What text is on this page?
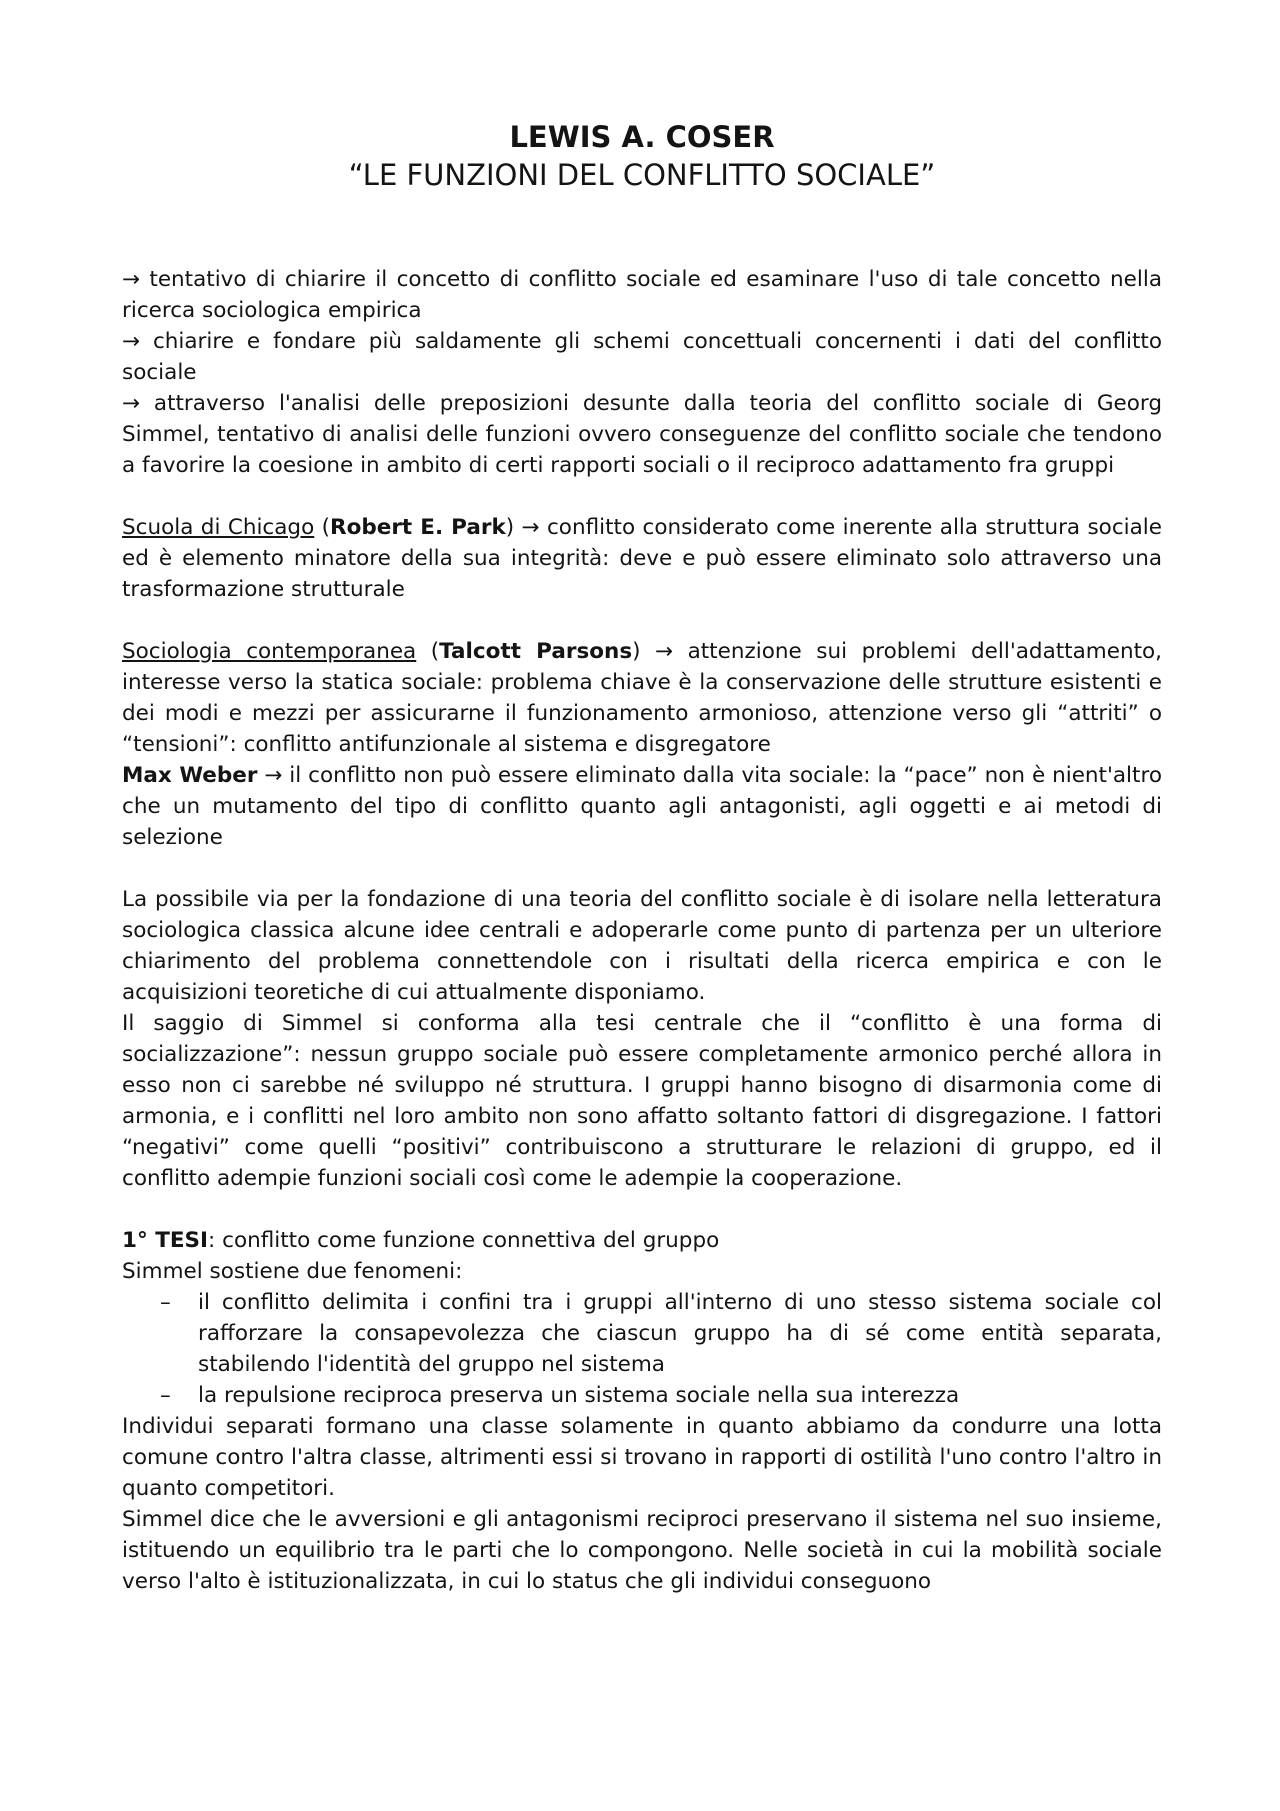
LEWIS A. COSER
“LE FUNZIONI DEL CONFLITTO SOCIALE”

→ tentativo di chiarire il concetto di conflitto sociale ed esaminare l'uso di tale concetto nella ricerca sociologica empirica

→ chiarire e fondare più saldamente gli schemi concettuali concernenti i dati del conflitto sociale

→ attraverso l'analisi delle preposizioni desunte dalla teoria del conflitto sociale di Georg Simmel, tentativo di analisi delle funzioni ovvero conseguenze del conflitto sociale che tendono a favorire la coesione in ambito di certi rapporti sociali o il reciproco adattamento fra gruppi

Scuola di Chicago (Robert E. Park) → conflitto considerato come inerente alla struttura sociale ed è elemento minatore della sua integrità: deve e può essere eliminato solo attraverso una trasformazione strutturale

Sociologia contemporanea (Talcott Parsons) → attenzione sui problemi dell'adattamento, interesse verso la statica sociale: problema chiave è la conservazione delle strutture esistenti e dei modi e mezzi per assicurarne il funzionamento armonioso, attenzione verso gli “attriti” o “tensioni”: conflitto antifunzionale al sistema e disgregatore

Max Weber → il conflitto non può essere eliminato dalla vita sociale: la “pace” non è nient'altro che un mutamento del tipo di conflitto quanto agli antagonisti, agli oggetti e ai metodi di selezione

La possibile via per la fondazione di una teoria del conflitto sociale è di isolare nella letteratura sociologica classica alcune idee centrali e adoperarle come punto di partenza per un ulteriore chiarimento del problema connettendole con i risultati della ricerca empirica e con le acquisizioni teoretiche di cui attualmente disponiamo.

Il saggio di Simmel si conforma alla tesi centrale che il “conflitto è una forma di socializzazione”: nessun gruppo sociale può essere completamente armonico perché allora in esso non ci sarebbe né sviluppo né struttura. I gruppi hanno bisogno di disarmonia come di armonia, e i conflitti nel loro ambito non sono affatto soltanto fattori di disgregazione. I fattori “negativi” come quelli “positivi” contribuiscono a strutturare le relazioni di gruppo, ed il conflitto adempie funzioni sociali così come le adempie la cooperazione.

1° TESI: conflitto come funzione connettiva del gruppo

Simmel sostiene due fenomeni:

– il conflitto delimita i confini tra i gruppi all'interno di uno stesso sistema sociale col rafforzare la consapevolezza che ciascun gruppo ha di sé come entità separata, stabilendo l'identità del gruppo nel sistema
– la repulsione reciproca preserva un sistema sociale nella sua interezza

Individui separati formano una classe solamente in quanto abbiamo da condurre una lotta comune contro l'altra classe, altrimenti essi si trovano in rapporti di ostilità l'uno contro l'altro in quanto competitori.

Simmel dice che le avversioni e gli antagonismi reciproci preservano il sistema nel suo insieme, istituendo un equilibrio tra le parti che lo compongono. Nelle società in cui la mobilità sociale verso l'alto è istituzionalizzata, in cui lo status che gli individui conseguono
